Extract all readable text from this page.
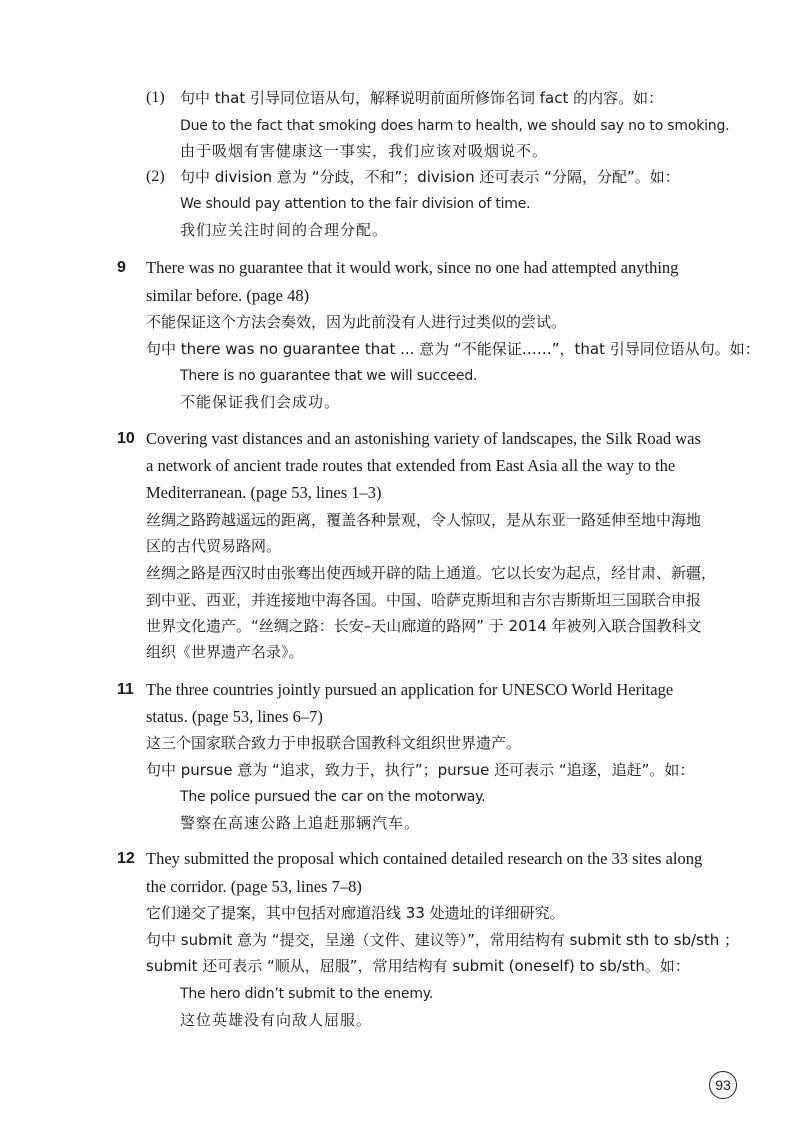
(1) 句中 that 引导同位语从句，解释说明前面所修饰名词 fact 的内容。如：
Due to the fact that smoking does harm to health, we should say no to smoking.
由于吸烟有害健康这一事实，我们应该对吸烟说不。
(2) 句中 division 意为 “分歧，不和”；division 还可表示 “分隔，分配”。如：
We should pay attention to the fair division of time.
我们应关注时间的合理分配。
9 There was no guarantee that it would work, since no one had attempted anything
similar before. (page 48)
不能保证这个方法会奏效，因为此前没有人进行过类似的尝试。
句中 there was no guarantee that ... 意为 “不能保证……”，that 引导同位语从句。如：
There is no guarantee that we will succeed.
不能保证我们会成功。
10 Covering vast distances and an astonishing variety of landscapes, the Silk Road was
a network of ancient trade routes that extended from East Asia all the way to the
Mediterranean. (page 53, lines 1–3)
丝绸之路跨越遥远的距离，覆盖各种景观，令人惊叹，是从东亚一路延伸至地中海地
区的古代贸易路网。
丝绸之路是西汉时由张骞出使西域开辟的陆上通道。它以长安为起点，经甘肃、新疆，
到中亚、西亚，并连接地中海各国。中国、哈萨克斯坦和吉尔吉斯斯坦三国联合申报
世界文化遗产。“丝绸之路：长安–天山廊道的路网” 于 2014 年被列入联合国教科文
组织《世界遗产名录》。
11 The three countries jointly pursued an application for UNESCO World Heritage
status. (page 53, lines 6–7)
这三个国家联合致力于申报联合国教科文组织世界遗产。
句中 pursue 意为 “追求，致力于，执行”；pursue 还可表示 “追逐，追赶”。如：
The police pursued the car on the motorway.
警察在高速公路上追赶那辆汽车。
12 They submitted the proposal which contained detailed research on the 33 sites along
the corridor. (page 53, lines 7–8)
它们递交了提案，其中包括对廊道沿线 33 处遗址的详细研究。
句中 submit 意为 “提交，呈递（文件、建议等）”，常用结构有 submit sth to sb/sth ；
submit 还可表示 “顺从，屈服”，常用结构有 submit (oneself) to sb/sth。如：
The hero didn’t submit to the enemy.
这位英雄没有向敌人屈服。
93
